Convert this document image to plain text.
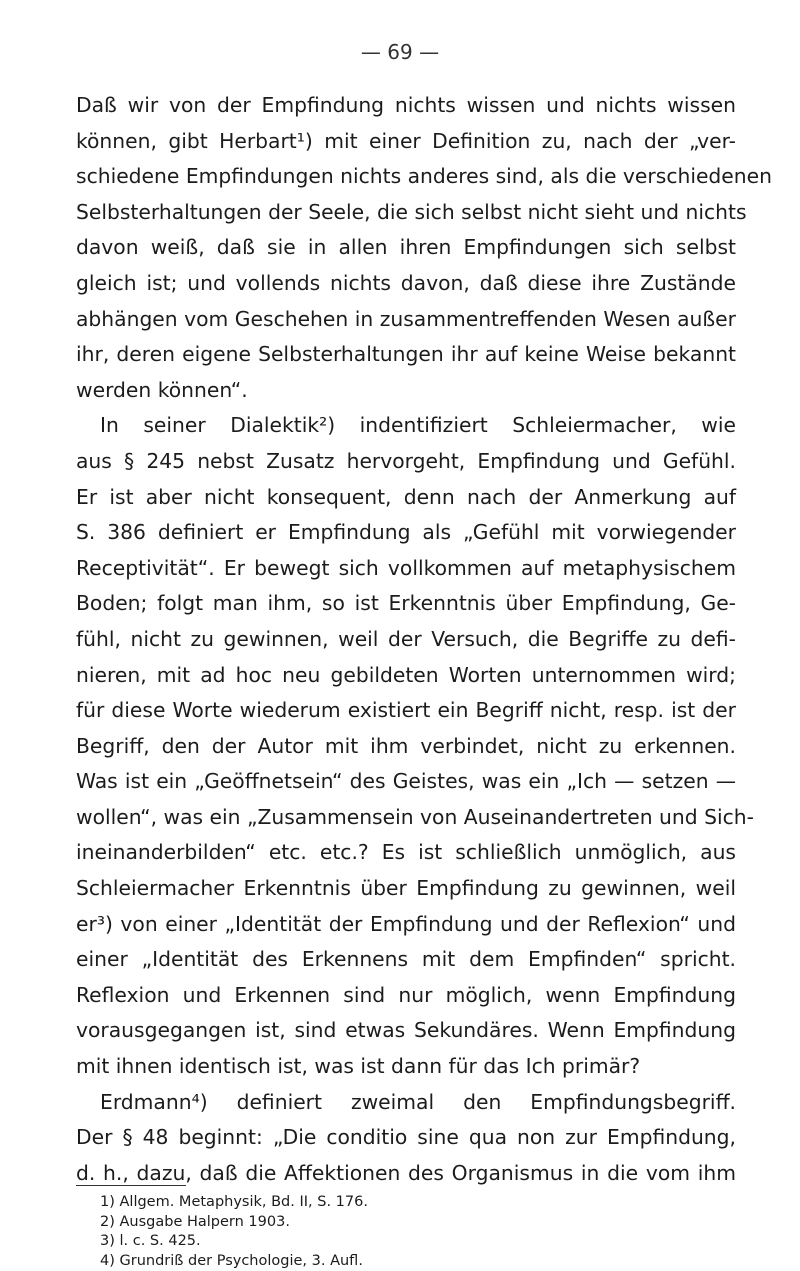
— 69 —
Daß wir von der Empfindung nichts wissen und nichts wissen
können, gibt Herbart¹) mit einer Definition zu, nach der „ver-
schiedene Empfindungen nichts anderes sind, als die verschiedenen
Selbsterhaltungen der Seele, die sich selbst nicht sieht und nichts
davon weiß, daß sie in allen ihren Empfindungen sich selbst
gleich ist; und vollends nichts davon, daß diese ihre Zustände
abhängen vom Geschehen in zusammentreffenden Wesen außer
ihr, deren eigene Selbsterhaltungen ihr auf keine Weise bekannt
werden können“.
In seiner Dialektik²) indentifiziert Schleiermacher, wie
aus § 245 nebst Zusatz hervorgeht, Empfindung und Gefühl.
Er ist aber nicht konsequent, denn nach der Anmerkung auf
S. 386 definiert er Empfindung als „Gefühl mit vorwiegender
Receptivität“. Er bewegt sich vollkommen auf metaphysischem
Boden; folgt man ihm, so ist Erkenntnis über Empfindung, Ge-
fühl, nicht zu gewinnen, weil der Versuch, die Begriffe zu defi-
nieren, mit ad hoc neu gebildeten Worten unternommen wird;
für diese Worte wiederum existiert ein Begriff nicht, resp. ist der
Begriff, den der Autor mit ihm verbindet, nicht zu erkennen.
Was ist ein „Geöffnetsein“ des Geistes, was ein „Ich — setzen —
wollen“, was ein „Zusammensein von Auseinandertreten und Sich-
ineinanderbilden“ etc. etc.? Es ist schließlich unmöglich, aus
Schleiermacher Erkenntnis über Empfindung zu gewinnen, weil
er³) von einer „Identität der Empfindung und der Reflexion“ und
einer „Identität des Erkennens mit dem Empfinden“ spricht.
Reflexion und Erkennen sind nur möglich, wenn Empfindung
vorausgegangen ist, sind etwas Sekundäres. Wenn Empfindung
mit ihnen identisch ist, was ist dann für das Ich primär?
Erdmann⁴) definiert zweimal den Empfindungsbegriff.
Der § 48 beginnt: „Die conditio sine qua non zur Empfindung,
d. h., dazu, daß die Affektionen des Organismus in die vom ihm
1) Allgem. Metaphysik, Bd. II, S. 176.
2) Ausgabe Halpern 1903.
3) l. c. S. 425.
4) Grundriß der Psychologie, 3. Aufl.
